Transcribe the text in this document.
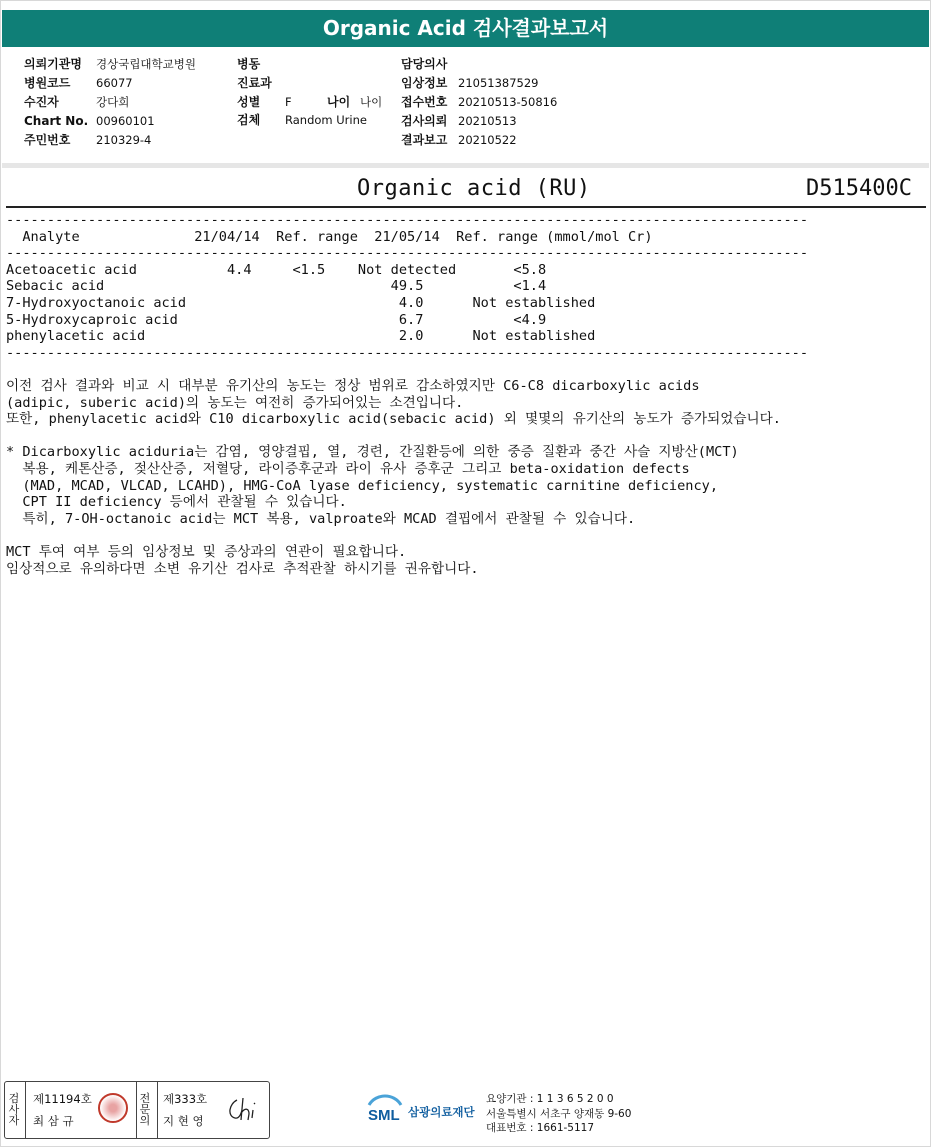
Organic Acid 검사결과보고서
의뢰기관명 경상국립대학교병원
병원코드 66077
수진자	강다희
Chart No. 00960101
주민번호 210329-4
병동
진료과
성별 F	나이 나이
검체 Random Urine
담당의사
임상정보 21051387529
접수번호 20210513-50816
검사의뢰 20210513
결과보고 20210522
Organic acid (RU)	D515400C
--------------------------------------------------------------------------------------------------
Analyte              21/04/14  Ref. range  21/05/14  Ref. range (mmol/mol Cr)
--------------------------------------------------------------------------------------------------
Acetoacetic acid           4.4     <1.5    Not detected       <5.8
Sebacic acid                                   49.5           <1.4
7-Hydroxyoctanoic acid                          4.0      Not established
5-Hydroxycaproic acid                           6.7           <4.9
phenylacetic acid                               2.0      Not established
--------------------------------------------------------------------------------------------------
이전 검사 결과와 비교 시 대부분 유기산의 농도는 정상 범위로 감소하였지만 C6-C8 dicarboxylic acids
(adipic, suberic acid)의 농도는 여전히 증가되어있는 소견입니다.
또한, phenylacetic acid와 C10 dicarboxylic acid(sebacic acid) 외 몇몇의 유기산의 농도가 증가되었습니다.

* Dicarboxylic aciduria는 감염, 영양결핍, 열, 경련, 간질환등에 의한 중증 질환과 중간 사슬 지방산(MCT)
복용, 케톤산증, 젖산산증, 저혈당, 라이증후군과 라이 유사 증후군 그리고 beta-oxidation defects
(MAD, MCAD, VLCAD, LCAHD), HMG-CoA lyase deficiency, systematic carnitine deficiency,
CPT II deficiency 등에서 관찰될 수 있습니다.
특히, 7-OH-octanoic acid는 MCT 복용, valproate와 MCAD 결핍에서 관찰될 수 있습니다.

MCT 투여 여부 등의 임상정보 및 증상과의 연관이 필요합니다.
임상적으로 유의하다면 소변 유기산 검사로 추적관찰 하시기를 권유합니다.
검사자
제11194호
최 삼 규
전문의
제333호
지 현 영	SML 삼광의료재단
요양기관 : 1 1 3 6 5 2 0 0
서울특별시 서초구 양재동 9-60
대표번호 : 1661-5117
